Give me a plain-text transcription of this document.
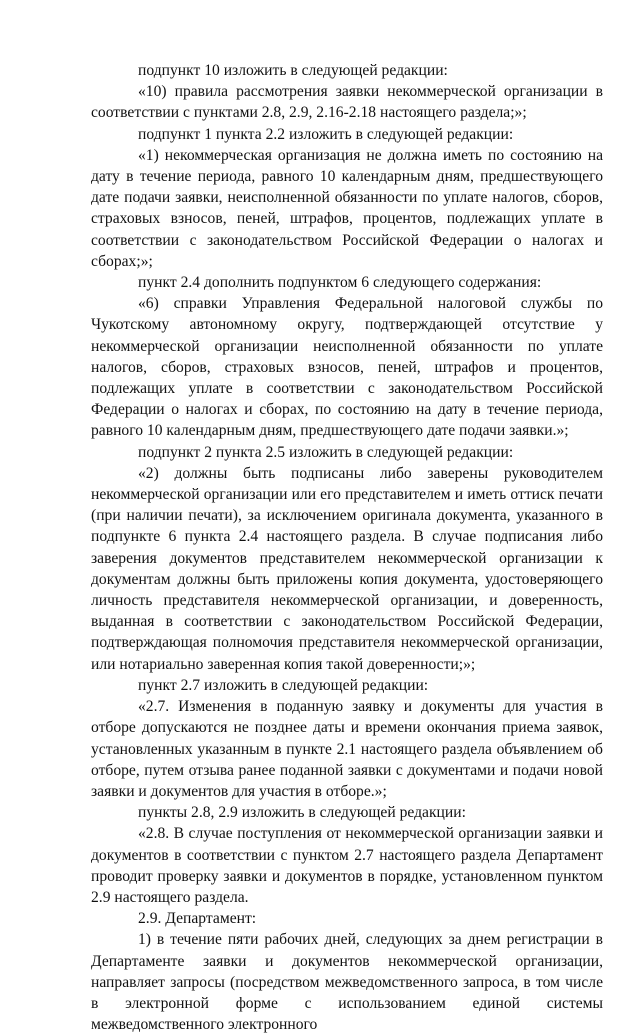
подпункт 10 изложить в следующей редакции:

«10) правила рассмотрения заявки некоммерческой организации в соответствии с пунктами 2.8, 2.9, 2.16-2.18 настоящего раздела;»;

подпункт 1 пункта 2.2 изложить в следующей редакции:

«1) некоммерческая организация не должна иметь по состоянию на дату в течение периода, равного 10 календарным дням, предшествующего дате подачи заявки, неисполненной обязанности по уплате налогов, сборов, страховых взносов, пеней, штрафов, процентов, подлежащих уплате в соответствии с законодательством Российской Федерации о налогах и сборах;»;

пункт 2.4 дополнить подпунктом 6 следующего содержания:

«6) справки Управления Федеральной налоговой службы по Чукотскому автономному округу, подтверждающей отсутствие у некоммерческой организации неисполненной обязанности по уплате налогов, сборов, страховых взносов, пеней, штрафов и процентов, подлежащих уплате в соответствии с законодательством Российской Федерации о налогах и сборах, по состоянию на дату в течение периода, равного 10 календарным дням, предшествующего дате подачи заявки.»;

подпункт 2 пункта 2.5 изложить в следующей редакции:

«2) должны быть подписаны либо заверены руководителем некоммерческой организации или его представителем и иметь оттиск печати (при наличии печати), за исключением оригинала документа, указанного в подпункте 6 пункта 2.4 настоящего раздела. В случае подписания либо заверения документов представителем некоммерческой организации к документам должны быть приложены копия документа, удостоверяющего личность представителя некоммерческой организации, и доверенность, выданная в соответствии с законодательством Российской Федерации, подтверждающая полномочия представителя некоммерческой организации, или нотариально заверенная копия такой доверенности;»;

пункт 2.7 изложить в следующей редакции:

«2.7. Изменения в поданную заявку и документы для участия в отборе допускаются не позднее даты и времени окончания приема заявок, установленных указанным в пункте 2.1 настоящего раздела объявлением об отборе, путем отзыва ранее поданной заявки с документами и подачи новой заявки и документов для участия в отборе.»;

пункты 2.8, 2.9 изложить в следующей редакции:

«2.8. В случае поступления от некоммерческой организации заявки и документов в соответствии с пунктом 2.7 настоящего раздела Департамент проводит проверку заявки и документов в порядке, установленном пунктом 2.9 настоящего раздела.

2.9. Департамент:

1) в течение пяти рабочих дней, следующих за днем регистрации в Департаменте заявки и документов некоммерческой организации, направляет запросы (посредством межведомственного запроса, в том числе в электронной форме с использованием единой системы межведомственного электронного
